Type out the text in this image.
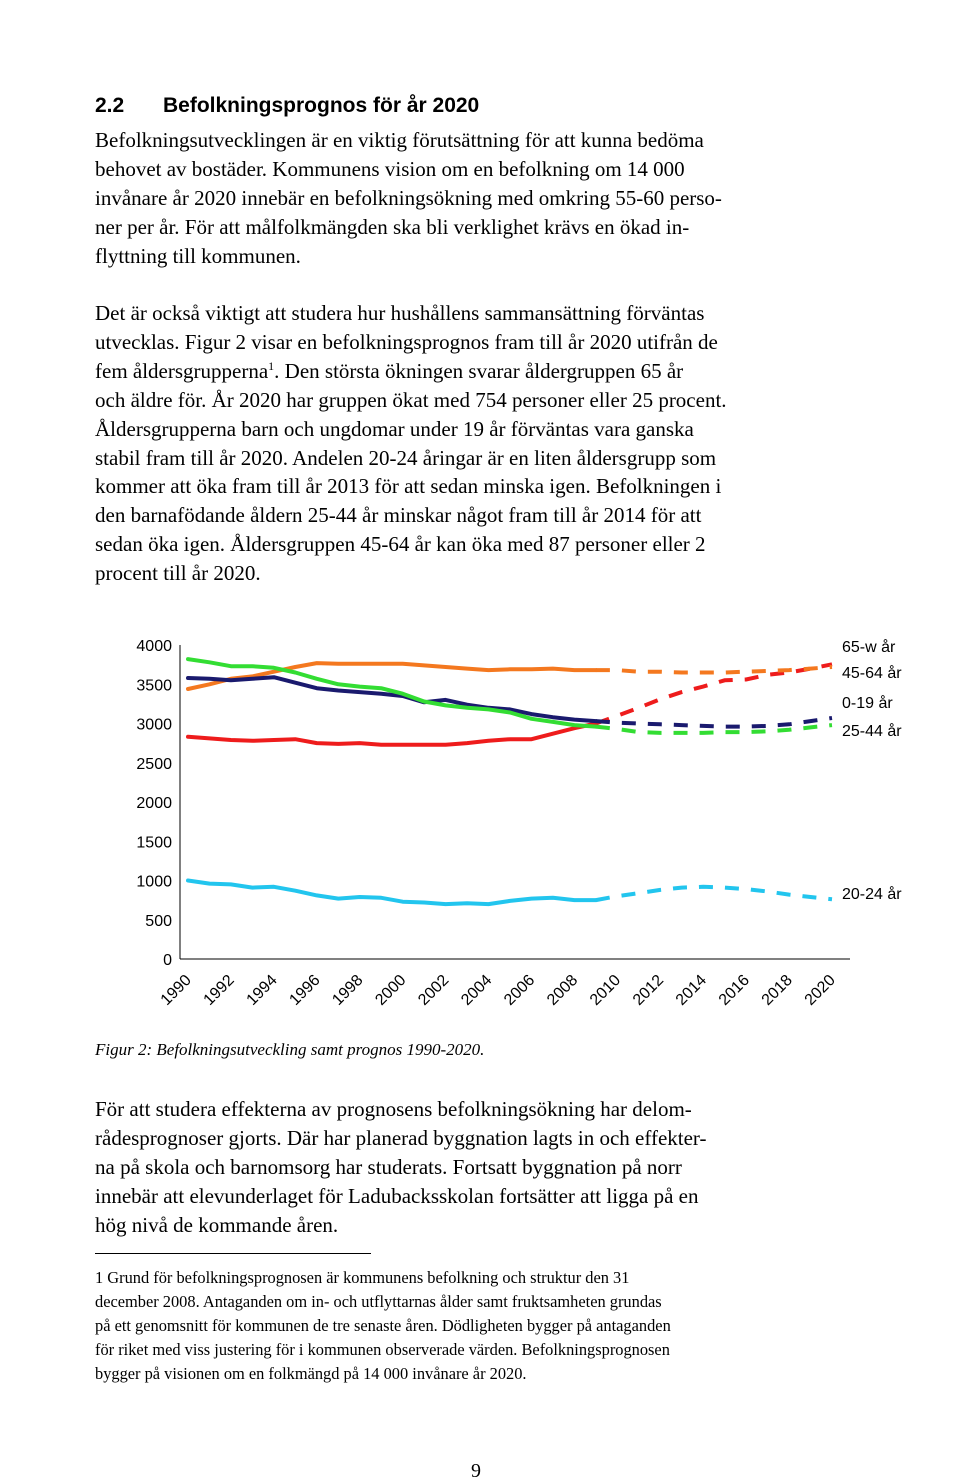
2.2 Befolkningsprognos för år 2020

Befolkningsutvecklingen är en viktig förutsättning för att kunna bedöma
behovet av bostäder. Kommunens vision om en befolkning om 14 000
invånare år 2020 innebär en befolkningsökning med omkring 55-60 perso-
ner per år. För att målfolkmängden ska bli verklighet krävs en ökad in-
flyttning till kommunen.

Det är också viktigt att studera hur hushållens sammansättning förväntas
utvecklas. Figur 2 visar en befolkningsprognos fram till år 2020 utifrån de
fem åldersgrupperna$^1$. Den största ökningen svarar åldergruppen 65 år
och äldre för. År 2020 har gruppen ökat med 754 personer eller 25 procent.
Åldersgrupperna barn och ungdomar under 19 år förväntas vara ganska
stabil fram till år 2020. Andelen 20-24 åringar är en liten åldersgrupp som
kommer att öka fram till år 2013 för att sedan minska igen. Befolkningen i
den barnafödande åldern 25-44 år minskar något fram till år 2014 för att
sedan öka igen. Åldersgruppen 45-64 år kan öka med 87 personer eller 2
procent till år 2020.

0
500
1000
1500
2000
2500
3000
3500
4000
1990 1992 1994 1996 1998 2000 2002 2004 2006 2008 2010 2012 2014 2016 2018 2020
65-w år
45-64 år
0-19 år
25-44 år
20-24 år
Figur 2: Befolkningsutveckling samt prognos 1990-2020.

För att studera effekterna av prognosens befolkningsökning har delom-
rådesprognoser gjorts. Där har planerad byggnation lagts in och effekter-
na på skola och barnomsorg har studerats. Fortsatt byggnation på norr
innebär att elevunderlaget för Ladubacksskolan fortsätter att ligga på en
hög nivå de kommande åren.

1 Grund för befolkningsprognosen är kommunens befolkning och struktur den 31
december 2008. Antaganden om in- och utflyttarnas ålder samt fruktsamheten grundas
på ett genomsnitt för kommunen de tre senaste åren. Dödligheten bygger på antaganden
för riket med viss justering för i kommunen observerade värden. Befolkningsprognosen
bygger på visionen om en folkmängd på 14 000 invånare år 2020.

9
